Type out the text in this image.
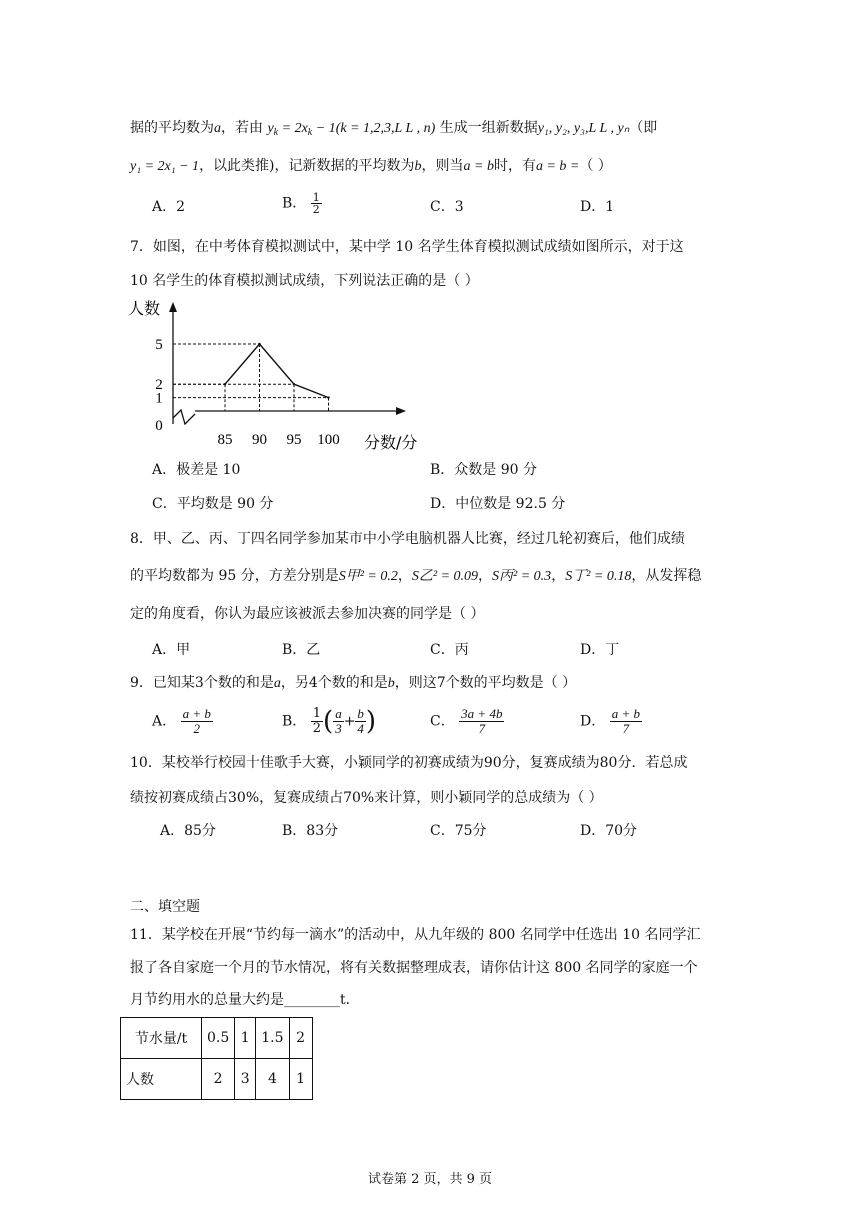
据的平均数为a，若由 $y_k = 2x_k - 1(k = 1,2,3,L$ L , n) 生成一组新数据y₁, y₂, y₃,L L , yₙ（即
y₁ = 2x₁ − 1，以此类推)，记新数据的平均数为b，则当a = b时，有a = b =（ ）
A．2	B． $\frac{1}{2}$	C．3	D．1
7．如图，在中考体育模拟测试中，某中学 10 名学生体育模拟测试成绩如图所示，对于这
10 名学生的体育模拟测试成绩，下列说法正确的是（ ）
人数
分数/分
85 90 95 100
0
1
2
5
A．极差是 10	B．众数是 90 分
C．平均数是 90 分	D．中位数是 92.5 分
8．甲、乙、丙、丁四名同学参加某市中小学电脑机器人比赛，经过几轮初赛后，他们成绩
的平均数都为 95 分，方差分别是S甲² = 0.2，S乙² = 0.09，S丙² = 0.3，S丁² = 0.18，从发挥稳
定的角度看，你认为最应该被派去参加决赛的同学是（ ）
A．甲	B．乙	C．丙	D．丁
9．已知某3个数的和是a，另4个数的和是b，则这7个数的平均数是（ ）
A． $\frac{a + b}{2}$	B． $\frac{1}{2}$ ( $\frac{a}{3} + \frac{b}{4}$ )	C． $\frac{3a + 4b}{7}$	D． $\frac{a + b}{7}$
10．某校举行校园十佳歌手大赛，小颖同学的初赛成绩为90分，复赛成绩为80分．若总成
绩按初赛成绩占30%，复赛成绩占70%来计算，则小颖同学的总成绩为（ ）
A．85分	B．83分	C．75分	D．70分
二、填空题
11．某学校在开展“节约每一滴水”的活动中，从九年级的 800 名同学中任选出 10 名同学汇
报了各自家庭一个月的节水情况，将有关数据整理成表，请你估计这 800 名同学的家庭一个
月节约用水的总量大约是________t．
节水量/t	0.5	1	1.5	2
人数	2	3	4	1
试卷第 2 页，共 9 页
